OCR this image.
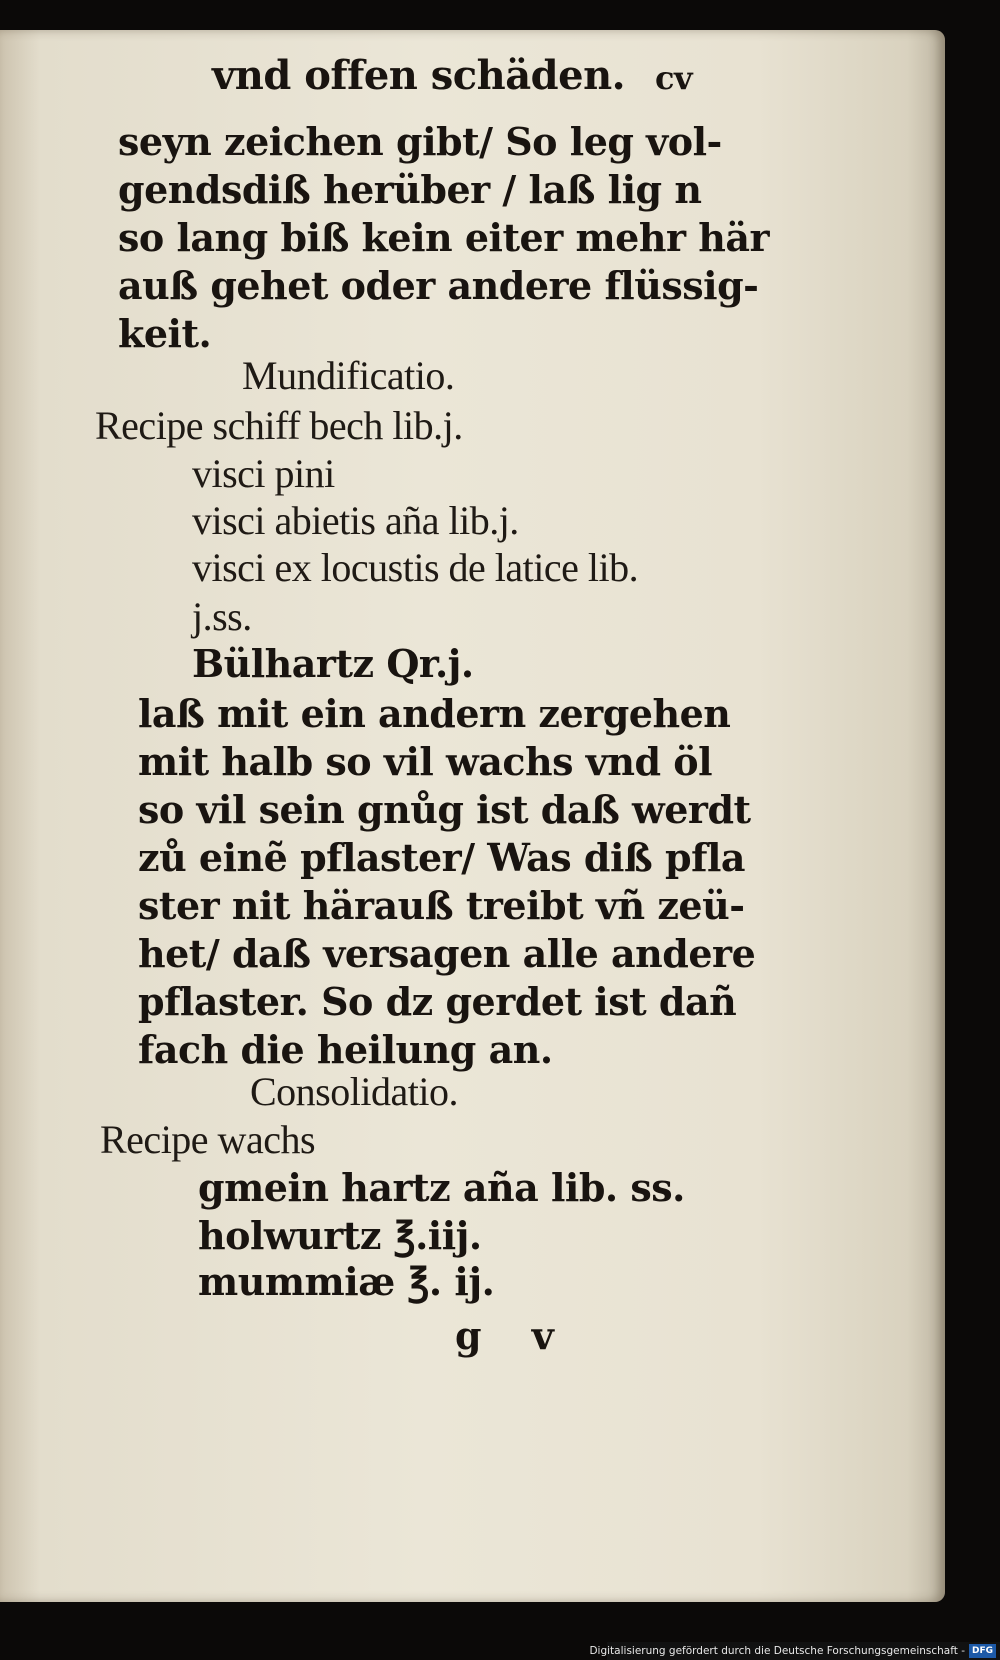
vnd offen schäden. cv
seyn zeichen gibt/ So leg vol-
gendsdiß herüber / laß lig n
so lang biß kein eiter mehr här
auß gehet oder andere flüssig-
keit.
Mundificatio.
Recipe schiff bech lib.j.
visci pini
visci abietis aña lib.j.
visci ex locustis de latice lib.
j.ss.
Bülhartz Qr.j.
laß mit ein andern zergehen
mit halb so vil wachs vnd öl
so vil sein gnůg ist daß werdt
zů einẽ pflaster/ Was diß pfla
ster nit härauß treibt vñ zeü-
het/ daß versagen alle andere
pflaster. So dz gerdet ist dañ
fach die heilung an.
Consolidatio.
Recipe wachs
gmein hartz aña lib. ss.
holwurtz ℥.iij.
mummiæ ℥. ij.
g v
Digitalisierung gefördert durch die Deutsche Forschungsgemeinschaft - DFG
